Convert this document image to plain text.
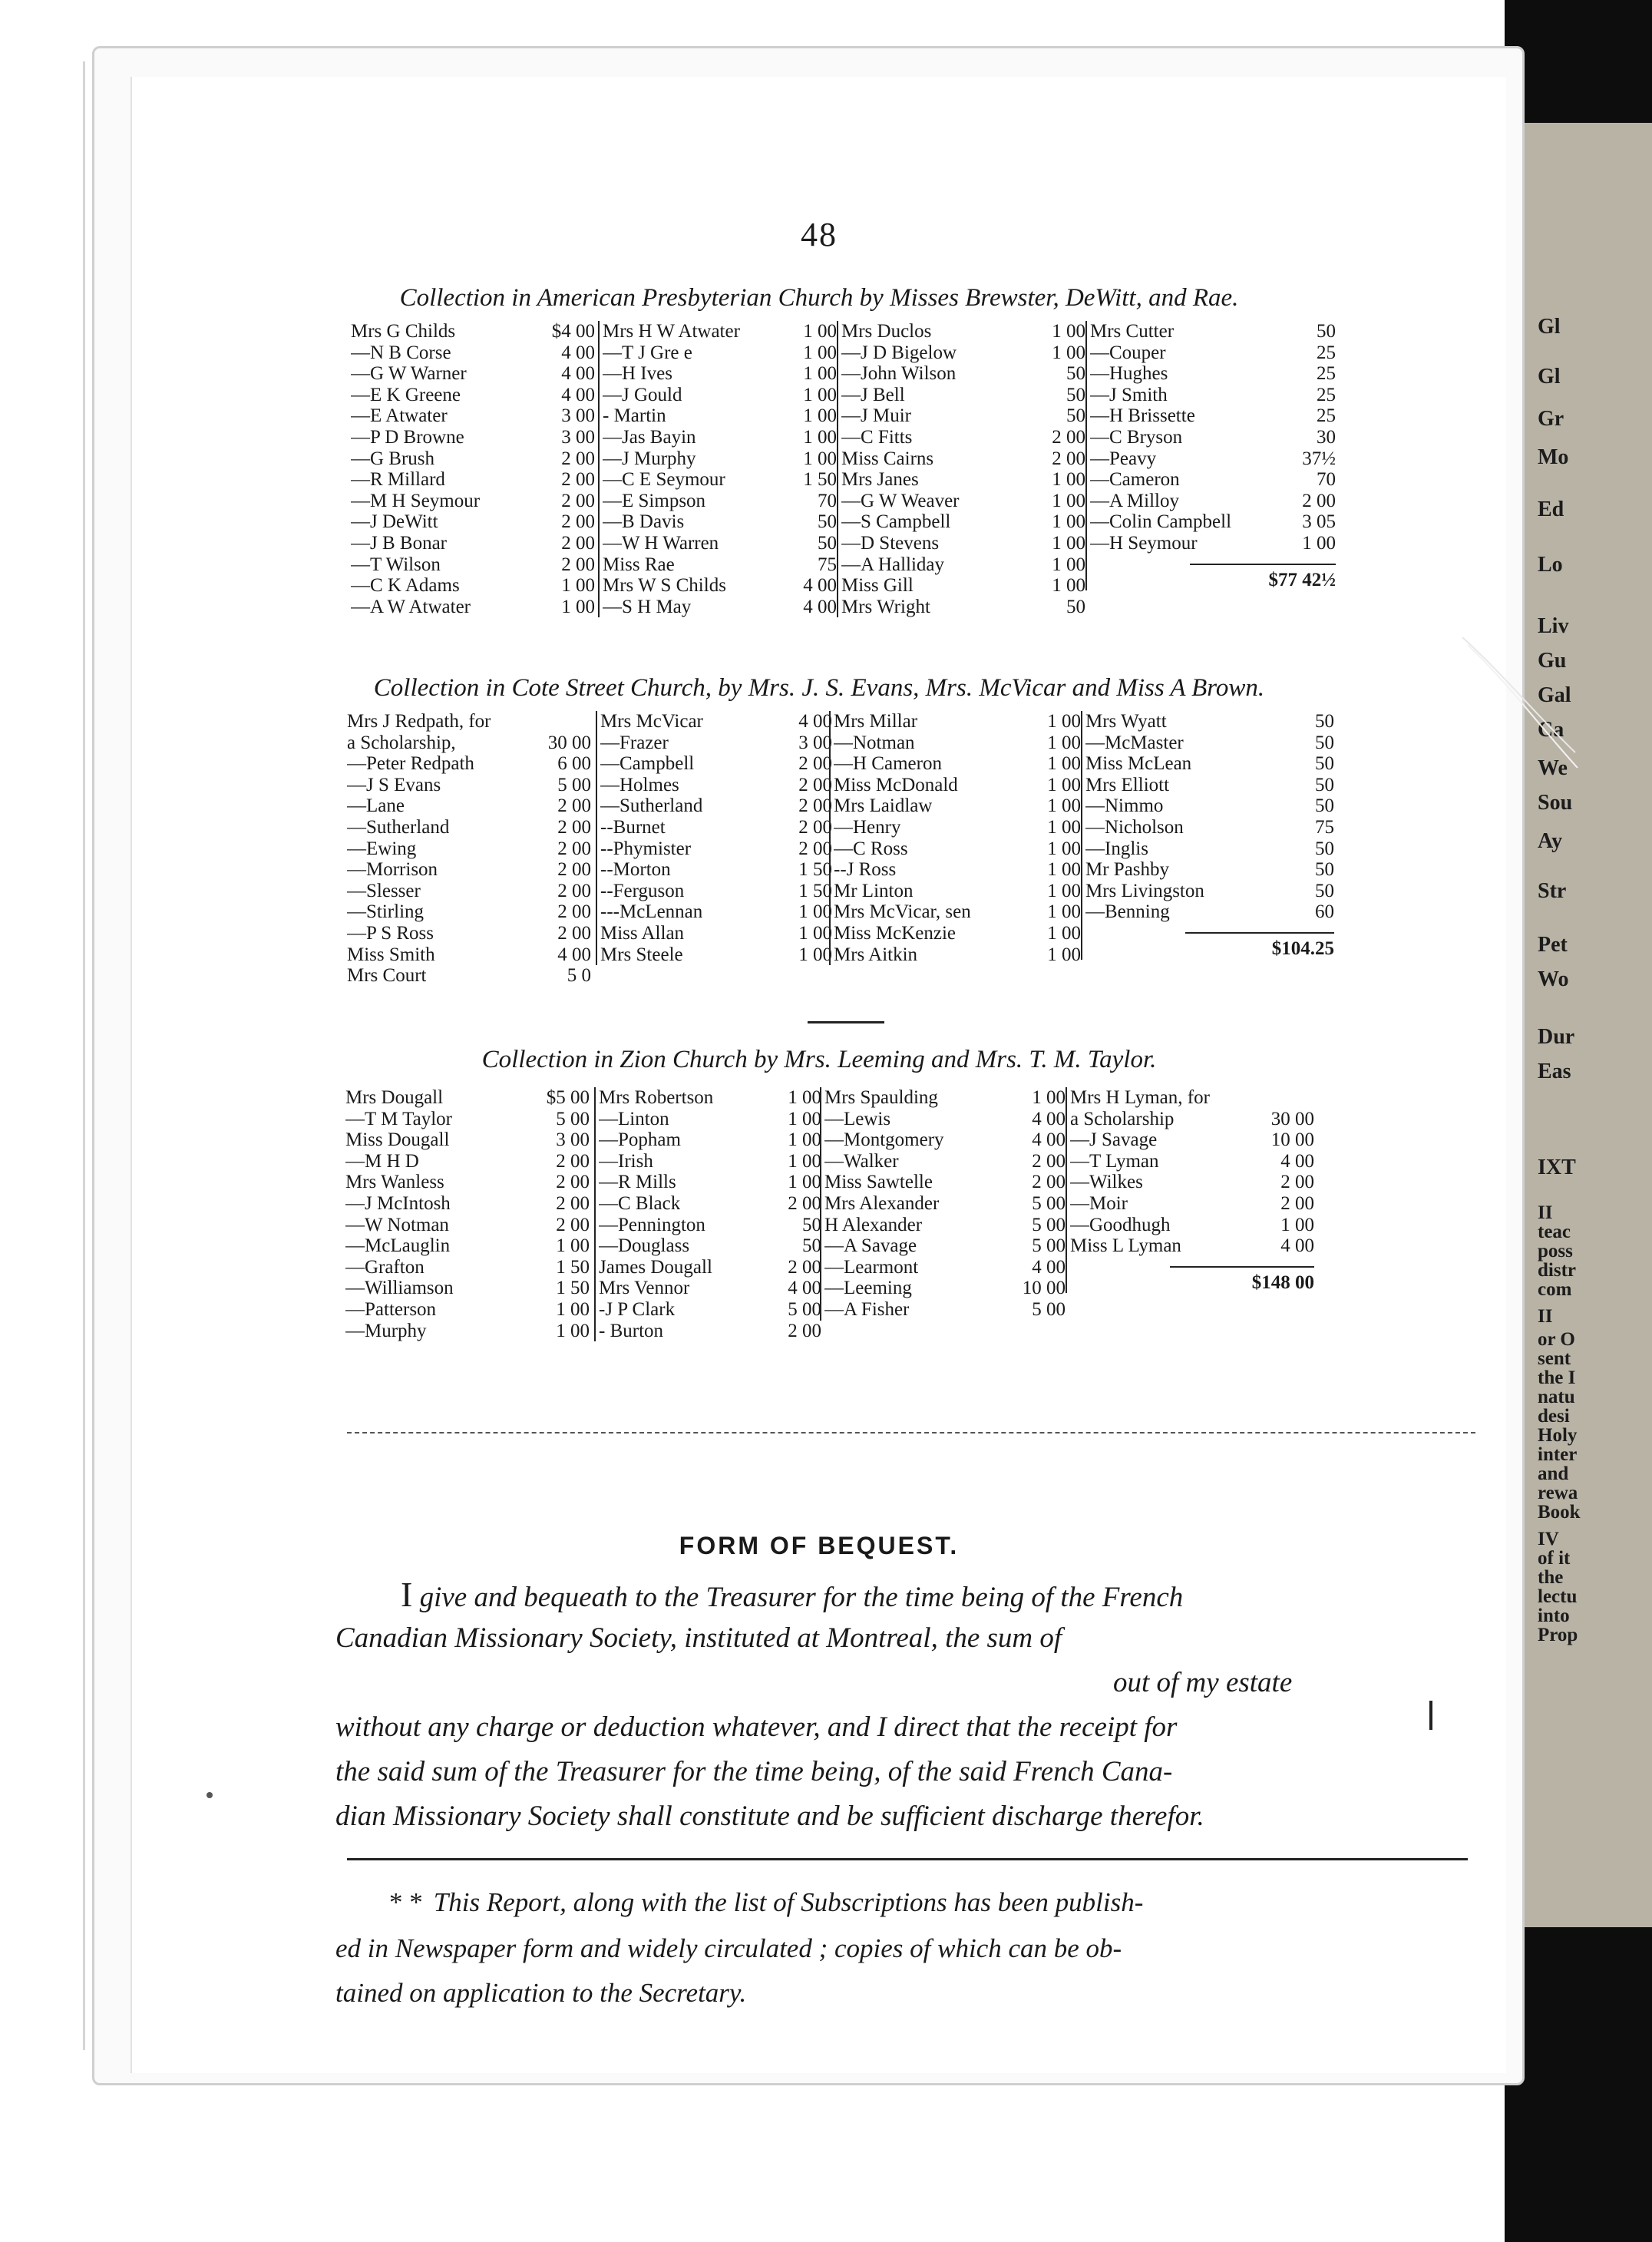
Gl
Gl
Gr
Mo
Ed
Lo
Liv
Gu
Gal
Ca
We
Sou
Ay
Str
Pet
Wo
Dur
Eas
IXT
II
teac
poss
distr
com
II
or O
sent
the I
natu
desi
Holy
inter
and
rewa
Book
IV
of it
the
lectu
into
Prop
48
Collection in American Presbyterian Church by Misses Brewster, DeWitt, and Rae.
Mrs G Childs	$4 00
—N B Corse	4 00
—G W Warner	4 00
—E K Greene	4 00
—E Atwater	3 00
—P D Browne	3 00
—G Brush	2 00
—R Millard	2 00
—M H Seymour	2 00
—J DeWitt	2 00
—J B Bonar	2 00
—T Wilson	2 00
—C K Adams	1 00
—A W Atwater	1 00
Mrs H W Atwater	1 00
—T J Gre e	1 00
—H Ives	1 00
—J Gould	1 00
- Martin	1 00
—Jas Bayin	1 00
—J Murphy	1 00
—C E Seymour	1 50
—E Simpson	70
—B Davis	50
—W H Warren	50
Miss Rae	75
Mrs W S Childs	4 00
—S H May	4 00
Mrs Duclos	1 00
—J D Bigelow	1 00
—John Wilson	50
—J Bell	50
—J Muir	50
—C Fitts	2 00
Miss Cairns	2 00
Mrs Janes	1 00
—G W Weaver	1 00
—S Campbell	1 00
—D Stevens	1 00
—A Halliday	1 00
Miss Gill	1 00
Mrs Wright	50
Mrs Cutter	50
—Couper	25
—Hughes	25
—J Smith	25
—H Brissette	25
—C Bryson	30
—Peavy	37½
—Cameron	70
—A Milloy	2 00
—Colin Campbell	3 05
—H Seymour	1 00
$77 42½
Collection in Cote Street Church, by Mrs. J. S. Evans, Mrs. McVicar and Miss A Brown.
Mrs J Redpath, for
a Scholarship,	30 00
—Peter Redpath	6 00
—J S Evans	5 00
—Lane	2 00
—Sutherland	2 00
—Ewing	2 00
—Morrison	2 00
—Slesser	2 00
—Stirling	2 00
—P S Ross	2 00
Miss Smith	4 00
Mrs Court	5 0
Mrs McVicar	4 00
—Frazer	3 00
—Campbell	2 00
—Holmes	2 00
—Sutherland	2 00
--Burnet	2 00
--Phymister	2 00
--Morton	1 50
--Ferguson	1 50
---McLennan	1 00
Miss Allan	1 00
Mrs Steele	1 00
Mrs Millar	1 00
—Notman	1 00
—H Cameron	1 00
Miss McDonald	1 00
Mrs Laidlaw	1 00
—Henry	1 00
—C Ross	1 00
--J Ross	1 00
Mr Linton	1 00
Mrs McVicar, sen	1 00
Miss McKenzie	1 00
Mrs Aitkin	1 00
Mrs Wyatt	50
—McMaster	50
Miss McLean	50
Mrs Elliott	50
—Nimmo	50
—Nicholson	75
—Inglis	50
Mr Pashby	50
Mrs Livingston	50
—Benning	60
$104.25
Collection in Zion Church by Mrs. Leeming and Mrs. T. M. Taylor.
Mrs Dougall	$5 00
—T M Taylor	5 00
Miss Dougall	3 00
—M H D	2 00
Mrs Wanless	2 00
—J McIntosh	2 00
—W Notman	2 00
—McLauglin	1 00
—Grafton	1 50
—Williamson	1 50
—Patterson	1 00
—Murphy	1 00
Mrs Robertson	1 00
—Linton	1 00
—Popham	1 00
—Irish	1 00
—R Mills	1 00
—C Black	2 00
—Pennington	50
—Douglass	50
James Dougall	2 00
Mrs Vennor	4 00
-J P Clark	5 00
- Burton	2 00
Mrs Spaulding	1 00
—Lewis	4 00
—Montgomery	4 00
—Walker	2 00
Miss Sawtelle	2 00
Mrs Alexander	5 00
H Alexander	5 00
—A Savage	5 00
—Learmont	4 00
—Leeming	10 00
—A Fisher	5 00
Mrs H Lyman, for
a Scholarship	30 00
—J Savage	10 00
—T Lyman	4 00
—Wilkes	2 00
—Moir	2 00
—Goodhugh	1 00
Miss L Lyman	4 00
$148 00
FORM OF BEQUEST.
I give and bequeath to the Treasurer for the time being of the French
Canadian Missionary Society, instituted at Montreal, the sum of
out of my estate
without any charge or deduction whatever, and I direct that the receipt for
the said sum of the Treasurer for the time being, of the said French Cana-
dian Missionary Society shall constitute and be sufficient discharge therefor.
* * This Report, along with the list of Subscriptions has been publish-
ed in Newspaper form and widely circulated ; copies of which can be ob-
tained on application to the Secretary.
